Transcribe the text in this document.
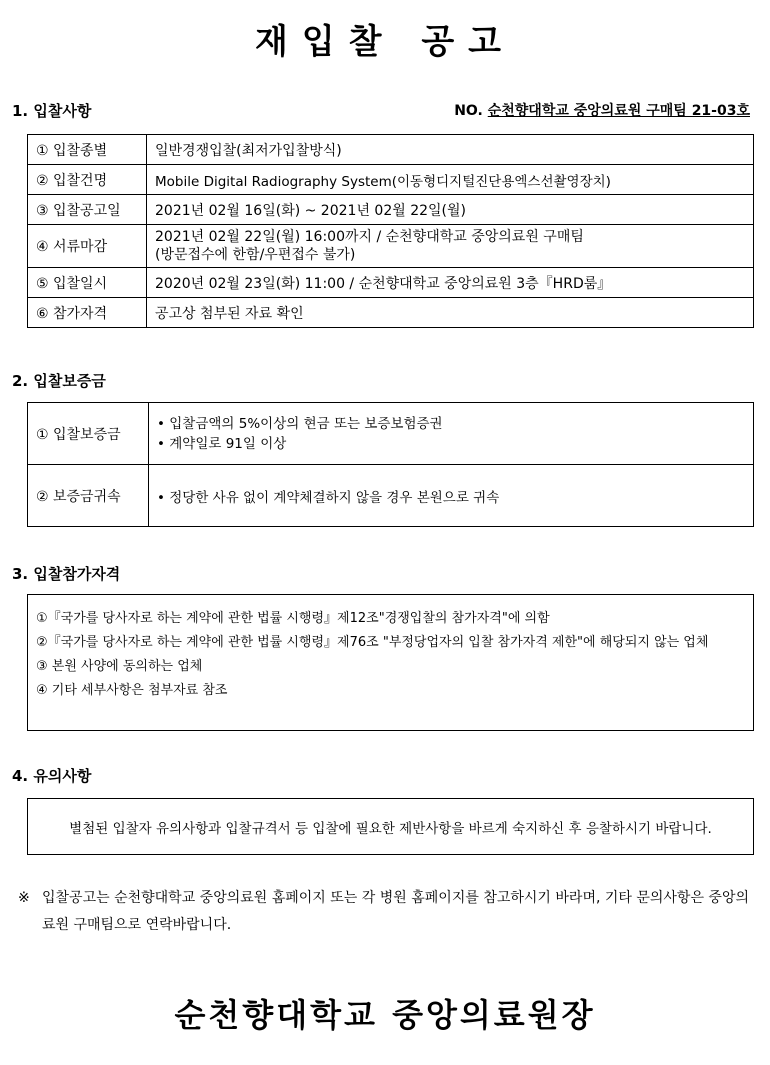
재입찰 공고
1. 입찰사항	NO. 순천향대학교 중앙의료원 구매팀 21-03호
① 입찰종별	일반경쟁입찰(최저가입찰방식)
② 입찰건명	Mobile Digital Radiography System(이동형디지털진단용엑스선촬영장치)
③ 입찰공고일	2021년 02월 16일(화) ~ 2021년 02월 22일(월)
④ 서류마감	2021년 02월 22일(월) 16:00까지 / 순천향대학교 중앙의료원 구매팀
(방문접수에 한함/우편접수 불가)

⑤ 입찰일시	2020년 02월 23일(화) 11:00 / 순천향대학교 중앙의료원 3층『HRD룸』
⑥ 참가자격	공고상 첨부된 자료 확인
2. 입찰보증금
① 입찰보증금	• 입찰금액의 5%이상의 현금 또는 보증보험증권
• 계약일로 91일 이상

② 보증금귀속	• 정당한 사유 없이 계약체결하지 않을 경우 본원으로 귀속
3. 입찰참가자격
①『국가를 당사자로 하는 계약에 관한 법률 시행령』제12조"경쟁입찰의 참가자격"에 의함
②『국가를 당사자로 하는 계약에 관한 법률 시행령』제76조 "부정당업자의 입찰 참가자격 제한"에 해당되지 않는 업체
③ 본원 사양에 동의하는 업체
④ 기타 세부사항은 첨부자료 참조
4. 유의사항
별첨된 입찰자 유의사항과 입찰규격서 등 입찰에 필요한 제반사항을 바르게 숙지하신 후 응찰하시기 바랍니다.
※ 입찰공고는 순천향대학교 중앙의료원 홈페이지 또는 각 병원 홈페이지를 참고하시기 바라며, 기타 문의사항은 중앙의료원 구매팀으로 연락바랍니다.
순천향대학교 중앙의료원장
